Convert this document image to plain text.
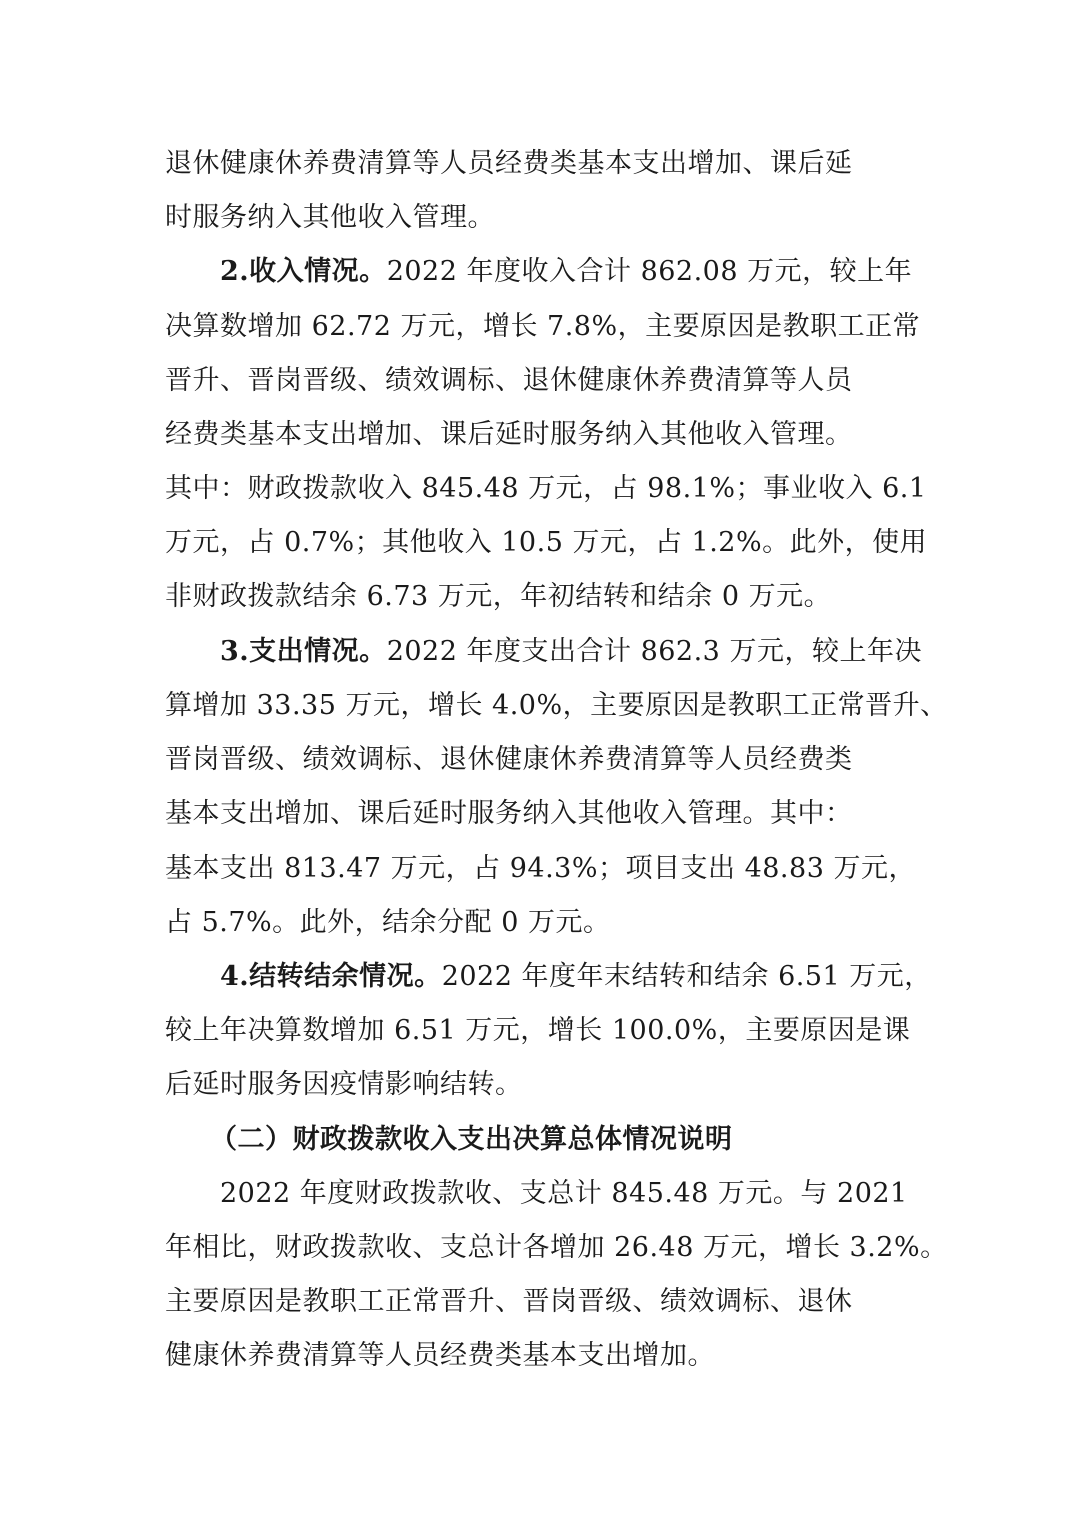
退休健康休养费清算等人员经费类基本支出增加、课后延
时服务纳入其他收入管理。
2.收入情况。2022 年度收入合计 862.08 万元，较上年
决算数增加 62.72 万元，增长 7.8%，主要原因是教职工正常
晋升、晋岗晋级、绩效调标、退休健康休养费清算等人员
经费类基本支出增加、课后延时服务纳入其他收入管理。
其中：财政拨款收入 845.48 万元，占 98.1%；事业收入 6.1
万元，占 0.7%；其他收入 10.5 万元，占 1.2%。此外，使用
非财政拨款结余 6.73 万元，年初结转和结余 0 万元。
3.支出情况。2022 年度支出合计 862.3 万元，较上年决
算增加 33.35 万元，增长 4.0%，主要原因是教职工正常晋升、
晋岗晋级、绩效调标、退休健康休养费清算等人员经费类
基本支出增加、课后延时服务纳入其他收入管理。其中：
基本支出 813.47 万元，占 94.3%；项目支出 48.83 万元，
占 5.7%。此外，结余分配 0 万元。
4.结转结余情况。2022 年度年末结转和结余 6.51 万元，
较上年决算数增加 6.51 万元，增长 100.0%，主要原因是课
后延时服务因疫情影响结转。
（二）财政拨款收入支出决算总体情况说明
2022 年度财政拨款收、支总计 845.48 万元。与 2021
年相比，财政拨款收、支总计各增加 26.48 万元，增长 3.2%。
主要原因是教职工正常晋升、晋岗晋级、绩效调标、退休
健康休养费清算等人员经费类基本支出增加。
